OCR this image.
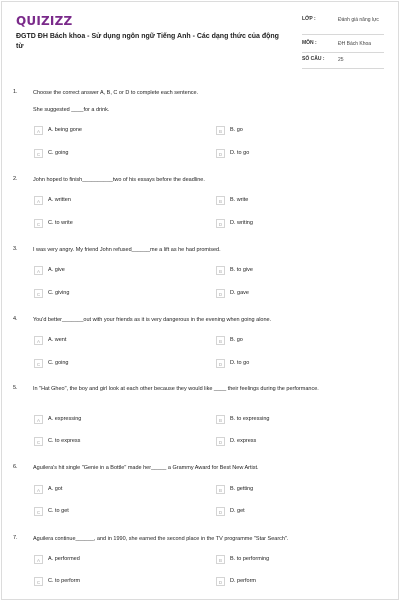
QUIZIZZ
ĐGTD ĐH Bách khoa - Sử dụng ngôn ngữ Tiếng Anh - Các dạng thức của động từ
LỚP :	Đánh giá năng lực
MÔN :	ĐH Bách Khoa
SỐ CÂU :	25
1.	Choose the correct answer A, B, C or D to complete each sentence.
She suggested ____for a drink.
A	A. being gone	B	B. go
C	C. going	D	D. to go
2.	John hoped to finish__________two of his essays before the deadline.
A	A. written	B	B. write
C	C. to write	D	D. writing
3.	I was very angry. My friend John refused______me a lift as he had promised.
A	A. give	B	B. to give
C	C. giving	D	D. gave
4.	You'd better_______out with your friends as it is very dangerous in the evening when going alone.
A	A. went	B	B. go
C	C. going	D	D. to go
5.	In "Hat Gheo", the boy and girl look at each other because they would like ____ their feelings during the performance.
A	A. expressing	B	B. to expressing
C	C. to express	D	D. express
6.	Aguilera's hit single "Genie in a Bottle" made her_____ a Grammy Award for Best New Artist.
A	A. got	B	B. getting
C	C. to get	D	D. get
7.	Aguilera continue______, and in 1990, she earned the second place in the TV programme "Star Search".
A	A. performed	B	B. to performing
C	C. to perform	D	D. perform
